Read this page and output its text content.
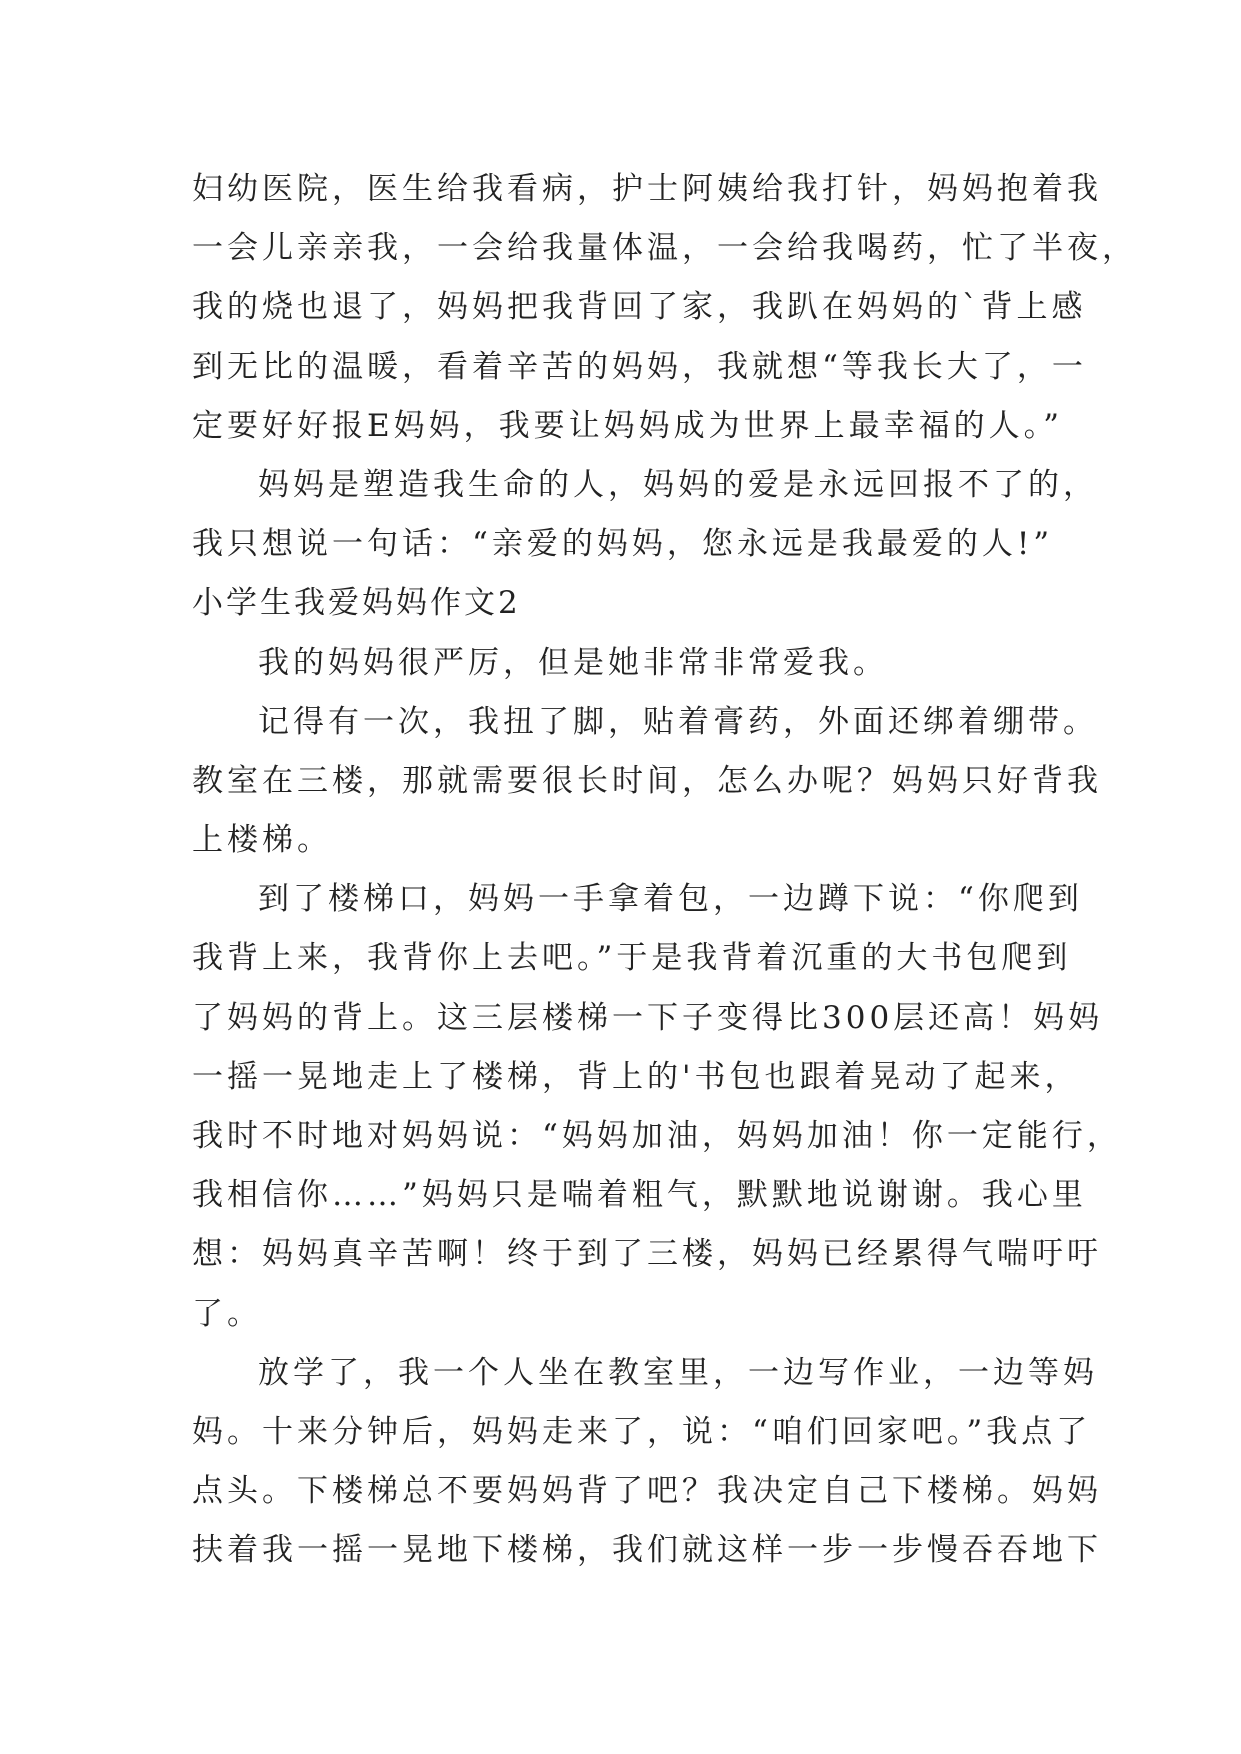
妇幼医院，医生给我看病，护士阿姨给我打针，妈妈抱着我
一会儿亲亲我，一会给我量体温，一会给我喝药，忙了半夜，
我的烧也退了，妈妈把我背回了家，我趴在妈妈的`背上感
到无比的温暖，看着辛苦的妈妈，我就想“等我长大了，一
定要好好报E妈妈，我要让妈妈成为世界上最幸福的人。”
妈妈是塑造我生命的人，妈妈的爱是永远回报不了的，
我只想说一句话：“亲爱的妈妈，您永远是我最爱的人!”
小学生我爱妈妈作文2
我的妈妈很严厉，但是她非常非常爱我。
记得有一次，我扭了脚，贴着膏药，外面还绑着绷带。
教室在三楼，那就需要很长时间，怎么办呢？妈妈只好背我
上楼梯。
到了楼梯口，妈妈一手拿着包，一边蹲下说：“你爬到
我背上来，我背你上去吧。”于是我背着沉重的大书包爬到
了妈妈的背上。这三层楼梯一下子变得比300层还高！妈妈
一摇一晃地走上了楼梯，背上的'书包也跟着晃动了起来，
我时不时地对妈妈说：“妈妈加油，妈妈加油！你一定能行，
我相信你……”妈妈只是喘着粗气，默默地说谢谢。我心里
想：妈妈真辛苦啊！终于到了三楼，妈妈已经累得气喘吁吁
了。
放学了，我一个人坐在教室里，一边写作业，一边等妈
妈。十来分钟后，妈妈走来了，说：“咱们回家吧。”我点了
点头。下楼梯总不要妈妈背了吧？我决定自己下楼梯。妈妈
扶着我一摇一晃地下楼梯，我们就这样一步一步慢吞吞地下
